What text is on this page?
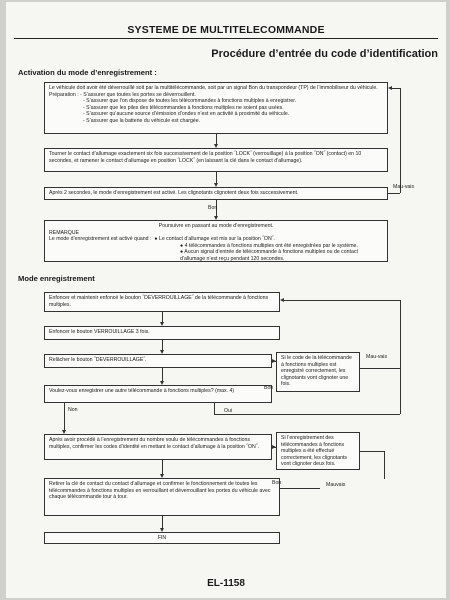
SYSTEME DE MULTITELECOMMANDE
Procédure d’entrée du code d’identification
Activation du mode d’enregistrement :

Le véhicule doit avoir été déverrouillé soit par la multitélécommande, soit par un signal Bon du transpondeur (TP) de l’immobiliseur du véhicule.

Préparation : - S’assurer que toutes les portes se déverrouillent.

- S’assurer que l’on dispose de toutes les télécommandes à fonctions multiples à enregistrer.

- S’assurer que les piles des télécommandes à fonctions multiples ne soient pas usées.

- S’assurer qu’aucune source d’émission d’ondes n’est en activité à proximité du véhicule.

- S’assurer que la batterie du véhicule est chargée.

Tourner le contact d’allumage exactement six fois successivement de la position ˝LOCK˝ (verrouillage) à la position ˝ON˝ (contact) en 10 secondes, et ramener le contact d’allumage en position ˝LOCK˝ (en laissant la clé dans le contact d’allumage).

Après 2 secondes, le mode d’enregistrement est activé. Les clignotants clignotent deux fois successivement.

Mau-vais
Bon

Poursuivre en passant au mode d’enregistrement.

REMARQUE

Le mode d’enregistrement est activé quand : ● Le contact d’allumage est mis sur la position ˝ON˝.

● 4 télécommandes à fonctions multiples ont été enregistrées par le système.

● Aucun signal d’entrée de télécommande à fonctions multiples ou de contact d’allumage n’est reçu pendant 120 secondes.

Mode enregistrement

Enfoncer et maintenir enfoncé le bouton ˝DEVERROUILLAGE˝ de la télécommande à fonctions multiples.

Enfoncer le bouton VERROUILLAGE 3 fois.

Relâcher le bouton ˝DEVERROUILLAGE˝.	Si le code de la télécommande à fonctions multiples est enregistré correctement, les clignotants vont clignoter une fois.

Mau-vais

Voulez-vous enregistrer une autre télécommande à fonctions multiples? (max. 4)	Bon
Non	Oui

Après avoir procédé à l’enregistrement du nombre voulu de télécommandes à fonctions multiples, confirmer les codes d’identité en mettant le contact d’allumage à la position ˝ON˝.

Si l’enregistrement des télécommandes à fonctions multiples a été effectué correctement, les clignotants vont clignoter deux fois.

Mauvais

Retirer la clé de contact du contact d’allumage et confirmer le fonctionnement de toutes les télécommandes à fonctions multiples en verrouillant et déverrouillant les portes du véhicule avec chaque télécommande tour à tour.

Bon

FIN

EL-1158
